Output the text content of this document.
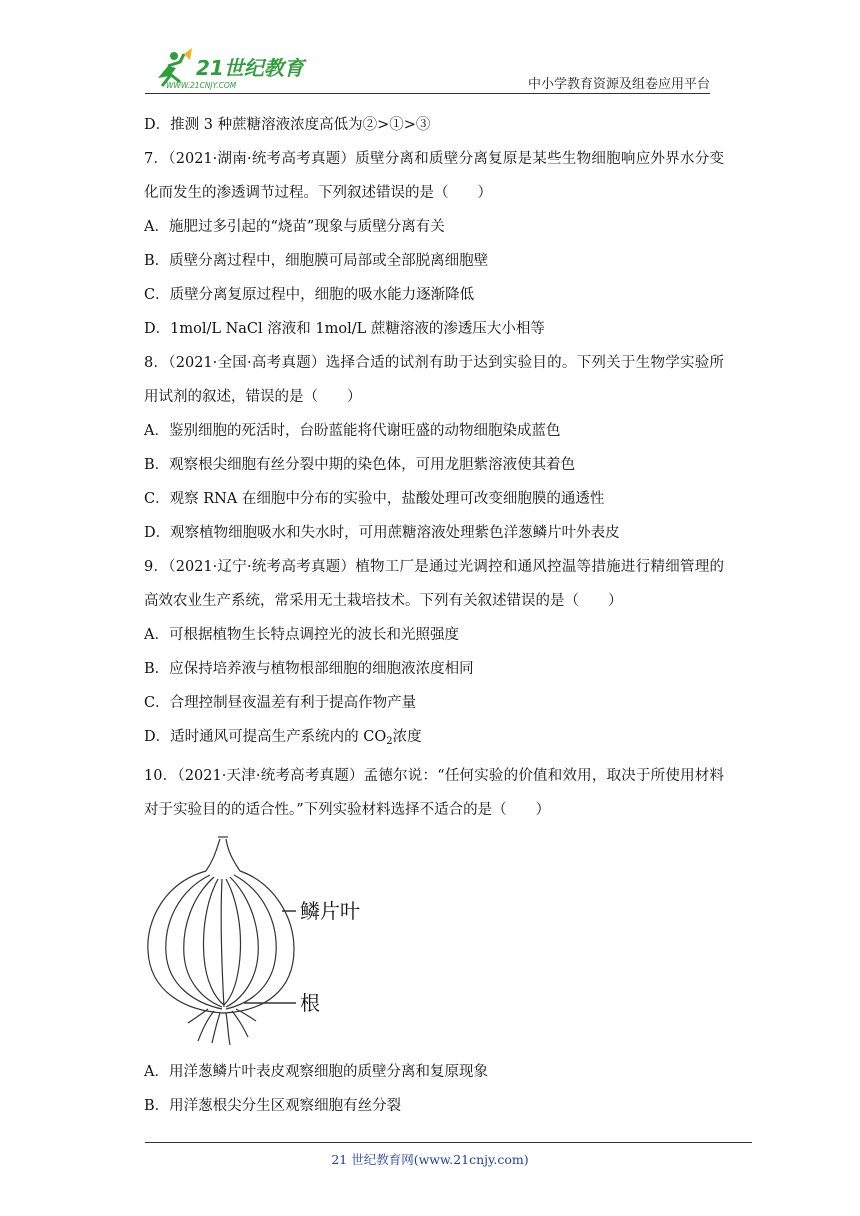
21世纪教育
WWW.21CNJY.COM	中小学教育资源及组卷应用平台
D．推测 3 种蔗糖溶液浓度高低为②>①>③
7．（2021·湖南·统考高考真题）质壁分离和质壁分离复原是某些生物细胞响应外界水分变化而发生的渗透调节过程。下列叙述错误的是（　　）
A．施肥过多引起的“烧苗”现象与质壁分离有关
B．质壁分离过程中，细胞膜可局部或全部脱离细胞壁
C．质壁分离复原过程中，细胞的吸水能力逐渐降低
D．1mol/L NaCl 溶液和 1mol/L 蔗糖溶液的渗透压大小相等
8．（2021·全国·高考真题）选择合适的试剂有助于达到实验目的。下列关于生物学实验所用试剂的叙述，错误的是（　　）
A．鉴别细胞的死活时，台盼蓝能将代谢旺盛的动物细胞染成蓝色
B．观察根尖细胞有丝分裂中期的染色体，可用龙胆紫溶液使其着色
C．观察 RNA 在细胞中分布的实验中，盐酸处理可改变细胞膜的通透性
D．观察植物细胞吸水和失水时，可用蔗糖溶液处理紫色洋葱鳞片叶外表皮
9．（2021·辽宁·统考高考真题）植物工厂是通过光调控和通风控温等措施进行精细管理的高效农业生产系统，常采用无土栽培技术。下列有关叙述错误的是（　　）
A．可根据植物生长特点调控光的波长和光照强度
B．应保持培养液与植物根部细胞的细胞液浓度相同
C．合理控制昼夜温差有利于提高作物产量
D．适时通风可提高生产系统内的 $CO_2$浓度
10．（2021·天津·统考高考真题）孟德尔说：“任何实验的价值和效用，取决于所使用材料对于实验目的的适合性。”下列实验材料选择不适合的是（　　）
鳞片叶
根
A．用洋葱鳞片叶表皮观察细胞的质壁分离和复原现象
B．用洋葱根尖分生区观察细胞有丝分裂
21 世纪教育网(www.21cnjy.com)
